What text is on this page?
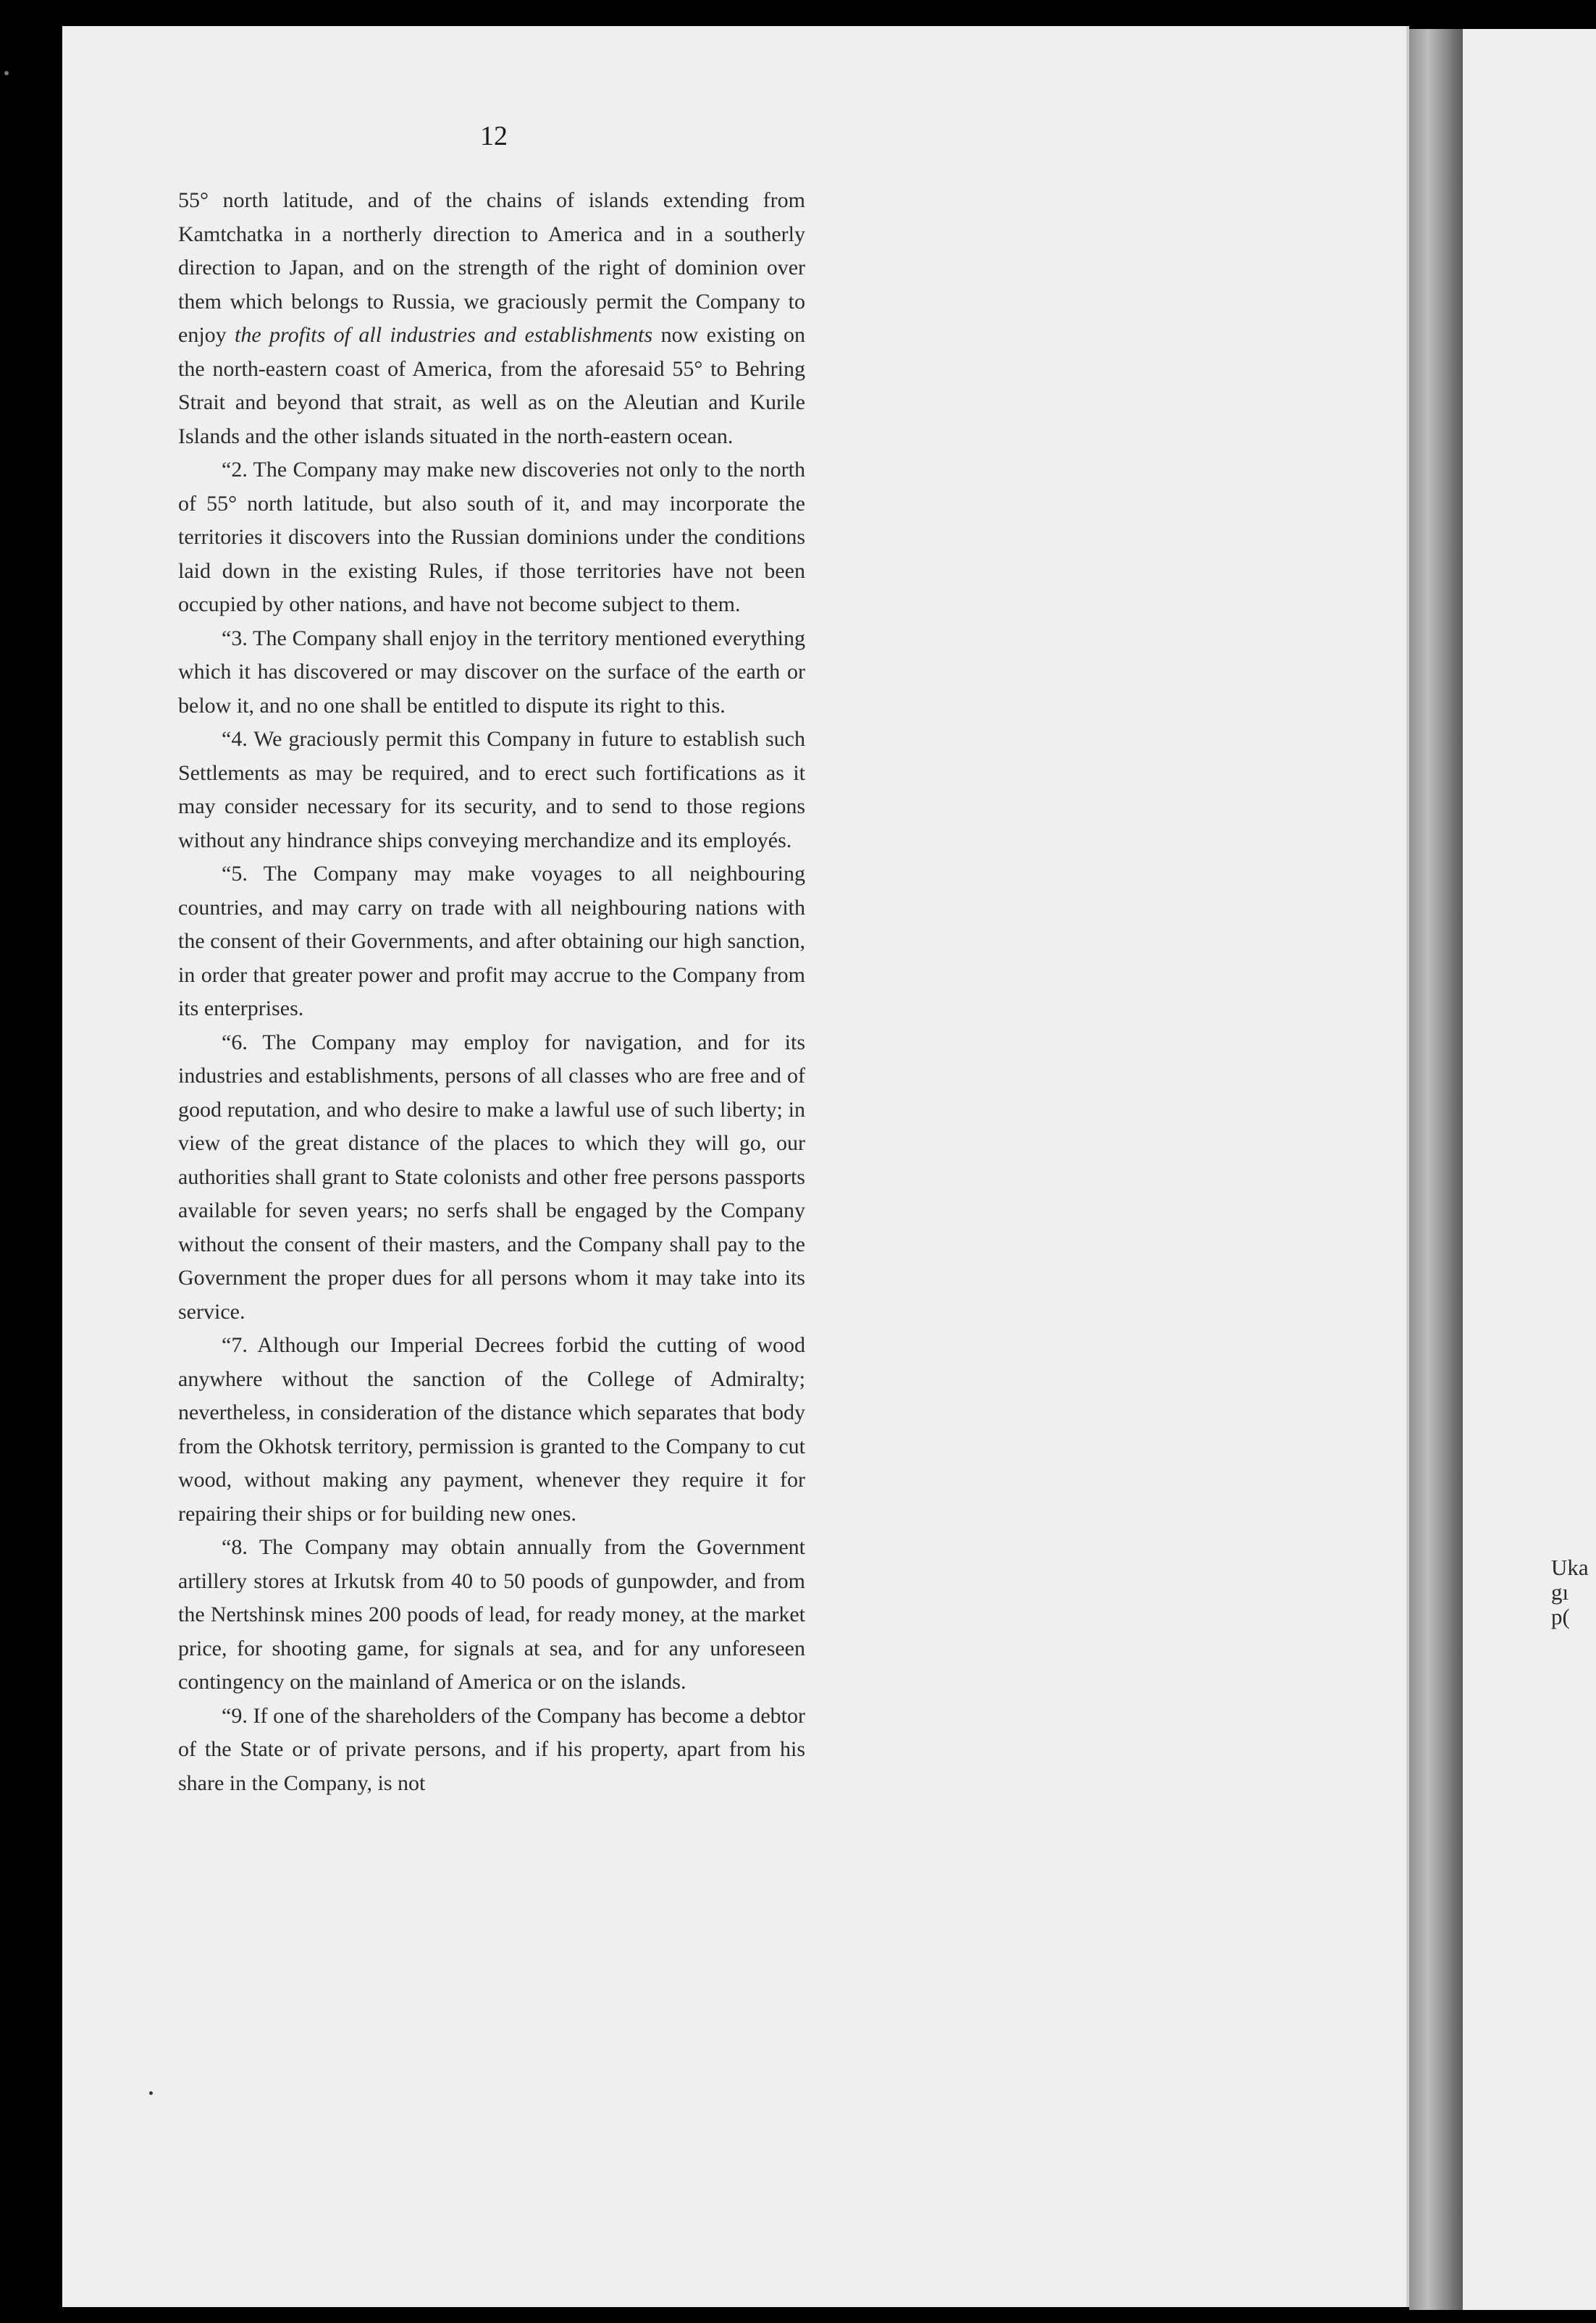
Uka
gı
p(
12

55° north latitude, and of the chains of islands extending from Kamtchatka in a northerly direction to America and in a southerly direction to Japan, and on the strength of the right of dominion over them which belongs to Russia, we graciously permit the Company to enjoy the profits of all industries and establishments now existing on the north-eastern coast of America, from the aforesaid 55° to Behring Strait and beyond that strait, as well as on the Aleutian and Kurile Islands and the other islands situated in the north-eastern ocean.

“2. The Company may make new discoveries not only to the north of 55° north latitude, but also south of it, and may incorporate the territories it discovers into the Russian dominions under the conditions laid down in the existing Rules, if those territories have not been occupied by other nations, and have not become subject to them.

“3. The Company shall enjoy in the territory mentioned everything which it has discovered or may discover on the surface of the earth or below it, and no one shall be entitled to dispute its right to this.

“4. We graciously permit this Company in future to establish such Settlements as may be required, and to erect such fortifications as it may consider necessary for its security, and to send to those regions without any hindrance ships conveying merchandize and its employés.

“5. The Company may make voyages to all neighbouring countries, and may carry on trade with all neighbouring nations with the consent of their Governments, and after obtaining our high sanction, in order that greater power and profit may accrue to the Company from its enterprises.

“6. The Company may employ for navigation, and for its industries and establishments, persons of all classes who are free and of good reputation, and who desire to make a lawful use of such liberty; in view of the great distance of the places to which they will go, our authorities shall grant to State colonists and other free persons passports available for seven years; no serfs shall be engaged by the Company without the consent of their masters, and the Company shall pay to the Government the proper dues for all persons whom it may take into its service.

“7. Although our Imperial Decrees forbid the cutting of wood anywhere without the sanction of the College of Admiralty; nevertheless, in consideration of the distance which separates that body from the Okhotsk territory, permission is granted to the Company to cut wood, without making any payment, whenever they require it for repairing their ships or for building new ones.

“8. The Company may obtain annually from the Government artillery stores at Irkutsk from 40 to 50 poods of gunpowder, and from the Nertshinsk mines 200 poods of lead, for ready money, at the market price, for shooting game, for signals at sea, and for any unforeseen contingency on the mainland of America or on the islands.

“9. If one of the shareholders of the Company has become a debtor of the State or of private persons, and if his property, apart from his share in the Company, is not
